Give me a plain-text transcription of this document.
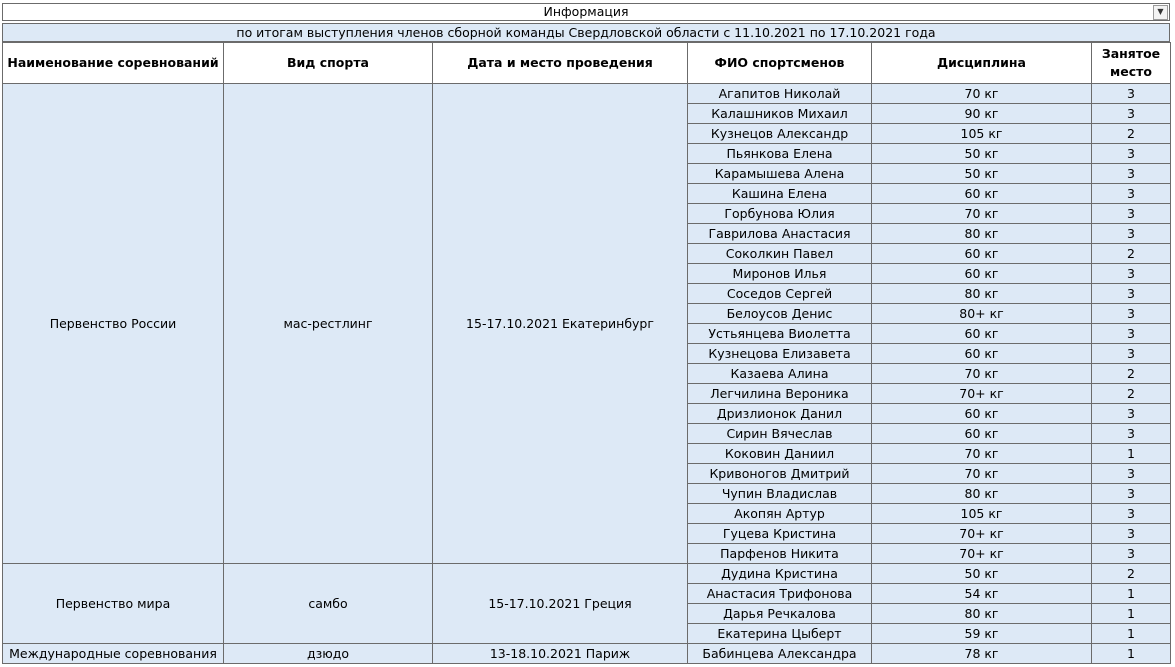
Информация	▼
по итогам выступления членов сборной команды Свердловской области с 11.10.2021 по 17.10.2021 года
Наименование соревнований	Вид спорта	Дата и место проведения	ФИО спортсменов	Дисциплина	Занятое место
Первенство России	мас-рестлинг	15-17.10.2021 Екатеринбург	Агапитов Николай	70 кг	3
			Калашников Михаил	90 кг	3
			Кузнецов Александр	105 кг	2
			Пьянкова Елена	50 кг	3
			Карамышева Алена	50 кг	3
			Кашина Елена	60 кг	3
			Горбунова Юлия	70 кг	3
			Гаврилова Анастасия	80 кг	3
			Соколкин Павел	60 кг	2
			Миронов Илья	60 кг	3
			Соседов Сергей	80 кг	3
			Белоусов Денис	80+ кг	3
			Устьянцева Виолетта	60 кг	3
			Кузнецова Елизавета	60 кг	3
			Казаева Алина	70 кг	2
			Легчилина Вероника	70+ кг	2
			Дризлионок Данил	60 кг	3
			Сирин Вячеслав	60 кг	3
			Коковин Даниил	70 кг	1
			Кривоногов Дмитрий	70 кг	3
			Чупин Владислав	80 кг	3
			Акопян Артур	105 кг	3
			Гуцева Кристина	70+ кг	3
			Парфенов Никита	70+ кг	3
Первенство мира	самбо	15-17.10.2021 Греция	Дудина Кристина	50 кг	2
			Анастасия Трифонова	54 кг	1
			Дарья Речкалова	80 кг	1
			Екатерина Цыберт	59 кг	1
Международные соревнования	дзюдо	13-18.10.2021 Париж	Бабинцева Александра	78 кг	1
